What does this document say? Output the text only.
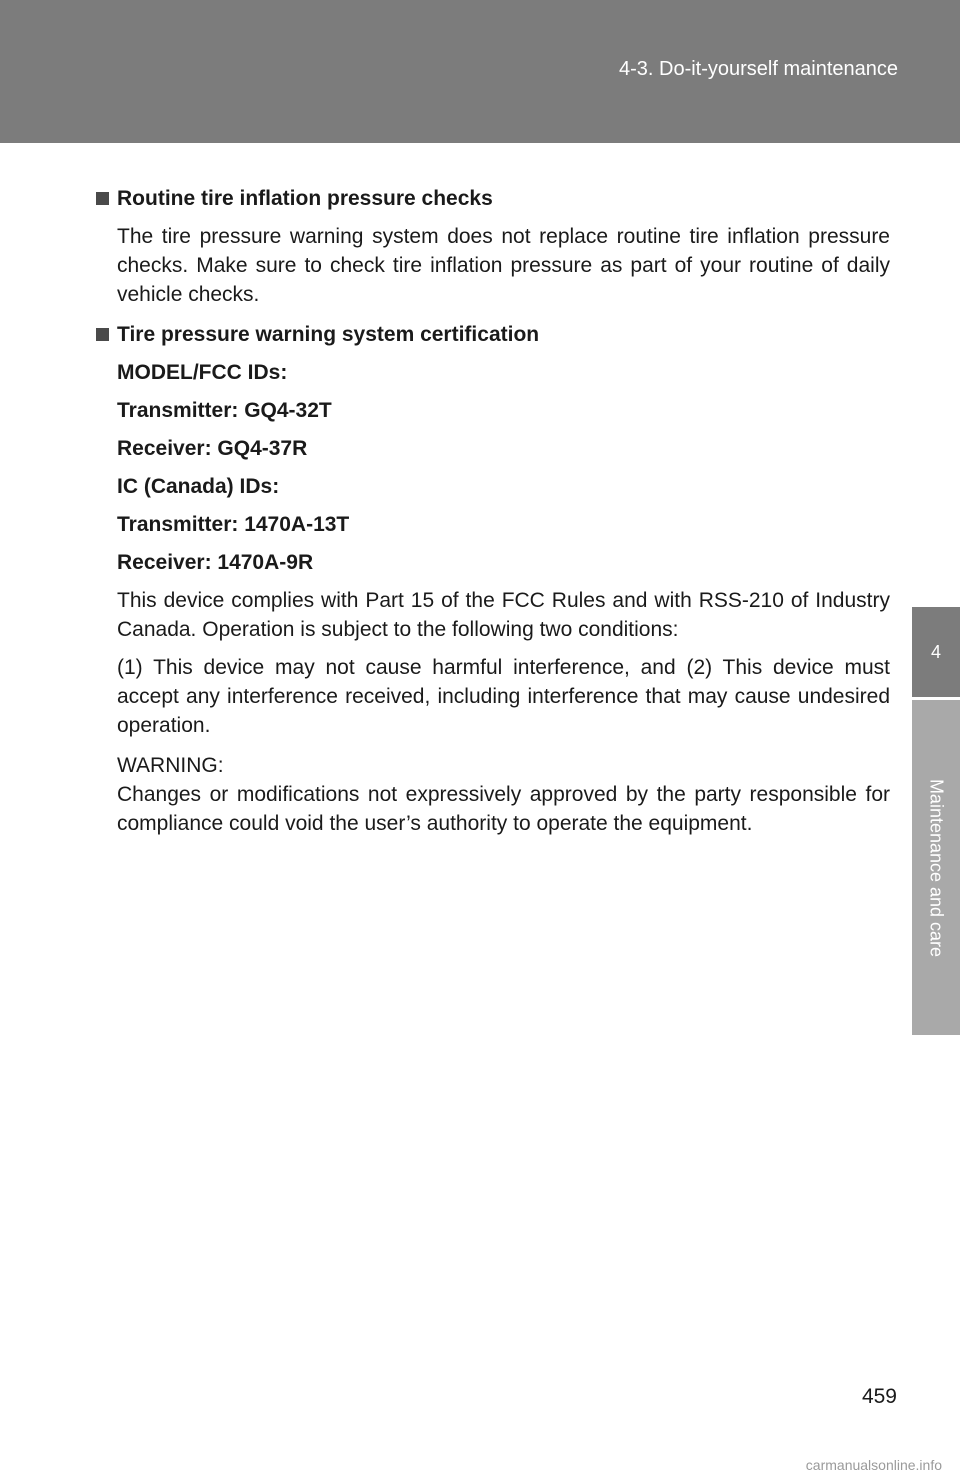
4-3. Do-it-yourself maintenance
4
Maintenance and care
Routine tire inflation pressure checks
The tire pressure warning system does not replace routine tire inflation pressure checks. Make sure to check tire inflation pressure as part of your routine of daily vehicle checks.
Tire pressure warning system certification
MODEL/FCC IDs:
Transmitter: GQ4-32T
Receiver: GQ4-37R
IC (Canada) IDs:
Transmitter: 1470A-13T
Receiver: 1470A-9R
This device complies with Part 15 of the FCC Rules and with RSS-210 of Industry Canada. Operation is subject to the following two conditions:
(1) This device may not cause harmful interference, and (2) This device must accept any interference received, including interference that may cause undesired operation.
WARNING:
Changes or modifications not expressively approved by the party responsible for compliance could void the user’s authority to operate the equipment.
459
carmanualsonline.info
